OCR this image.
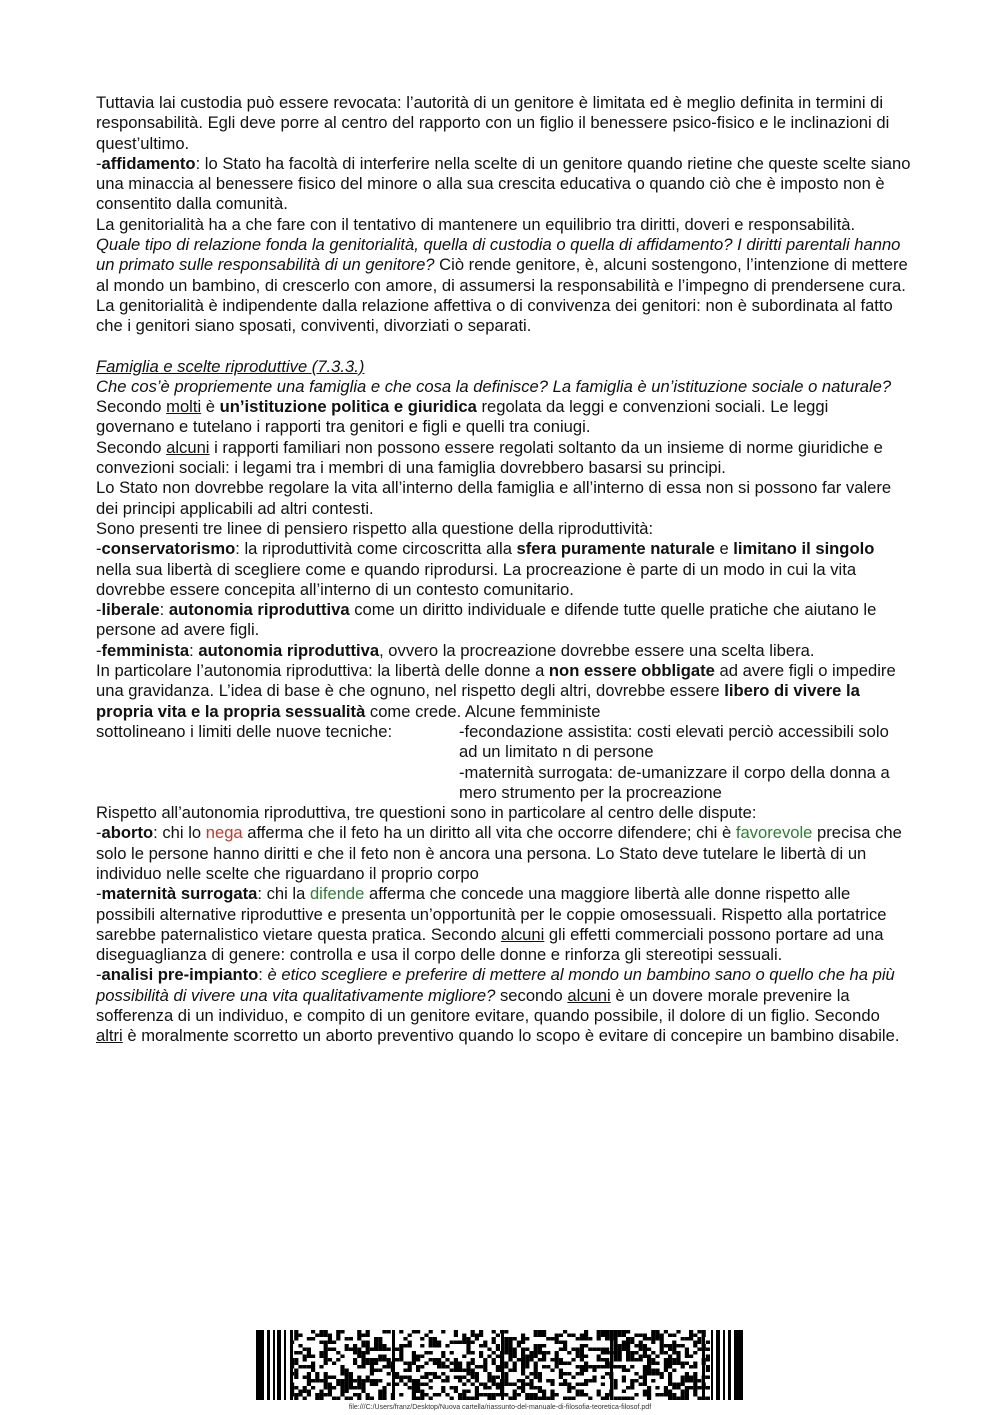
Tuttavia lai custodia può essere revocata: l’autorità di un genitore è limitata ed è meglio definita in termini di responsabilità. Egli deve porre al centro del rapporto con un figlio il benessere psico-fisico e le inclinazioni di quest’ultimo.

-affidamento: lo Stato ha facoltà di interferire nella scelte di un genitore quando rietine che queste scelte siano una minaccia al benessere fisico del minore o alla sua crescita educativa o quando ciò che è imposto non è consentito dalla comunità.

La genitorialità ha a che fare con il tentativo di mantenere un equilibrio tra diritti, doveri e responsabilità.

Quale tipo di relazione fonda la genitorialità, quella di custodia o quella di affidamento? I diritti parentali hanno un primato sulle responsabilità di un genitore? Ciò rende genitore, è, alcuni sostengono, l’intenzione di mettere al mondo un bambino, di crescerlo con amore, di assumersi la responsabilità e l’impegno di prendersene cura.

La genitorialità è indipendente dalla relazione affettiva o di convivenza dei genitori: non è subordinata al fatto che i genitori siano sposati, conviventi, divorziati o separati.

Famiglia e scelte riproduttive (7.3.3.)

Che cos’è propriemente una famiglia e che cosa la definisce? La famiglia è un’istituzione sociale o naturale? Secondo molti è un’istituzione politica e giuridica regolata da leggi e convenzioni sociali. Le leggi governano e tutelano i rapporti tra genitori e figli e quelli tra coniugi.

Secondo alcuni i rapporti familiari non possono essere regolati soltanto da un insieme di norme giuridiche e convezioni sociali: i legami tra i membri di una famiglia dovrebbero basarsi su principi.

Lo Stato non dovrebbe regolare la vita all’interno della famiglia e all’interno di essa non si possono far valere dei principi applicabili ad altri contesti.

Sono presenti tre linee di pensiero rispetto alla questione della riproduttività:

-conservatorismo: la riproduttività come circoscritta alla sfera puramente naturale e limitano il singolo nella sua libertà di scegliere come e quando riprodursi. La procreazione è parte di un modo in cui la vita dovrebbe essere concepita all’interno di un contesto comunitario.

-liberale: autonomia riproduttiva come un diritto individuale e difende tutte quelle pratiche che aiutano le persone ad avere figli.

-femminista: autonomia riproduttiva, ovvero la procreazione dovrebbe essere una scelta libera.

In particolare l’autonomia riproduttiva: la libertà delle donne a non essere obbligate ad avere figli o impedire una gravidanza. L’idea di base è che ognuno, nel rispetto degli altri, dovrebbe essere libero di vivere la propria vita e la propria sessualità come crede. Alcune femministe

sottolineano i limiti delle nuove tecniche:	-fecondazione assistita: costi elevati perciò accessibili solo ad un limitato n di persone
-maternità surrogata: de-umanizzare il corpo della donna a mero strumento per la procreazione

Rispetto all’autonomia riproduttiva, tre questioni sono in particolare al centro delle dispute:

-aborto: chi lo nega afferma che il feto ha un diritto all vita che occorre difendere; chi è favorevole precisa che solo le persone hanno diritti e che il feto non è ancora una persona. Lo Stato deve tutelare le libertà di un individuo nelle scelte che riguardano il proprio corpo

-maternità surrogata: chi la difende afferma che concede una maggiore libertà alle donne rispetto alle possibili alternative riproduttive e presenta un’opportunità per le coppie omosessuali. Rispetto alla portatrice sarebbe paternalistico vietare questa pratica. Secondo alcuni gli effetti commerciali possono portare ad una diseguaglianza di genere: controlla e usa il corpo delle donne e rinforza gli stereotipi sessuali.

-analisi pre-impianto: è etico scegliere e preferire di mettere al mondo un bambino sano o quello che ha più possibilità di vivere una vita qualitativamente migliore? secondo alcuni è un dovere morale prevenire la sofferenza di un individuo, e compito di un genitore evitare, quando possibile, il dolore di un figlio. Secondo altri è moralmente scorretto un aborto preventivo quando lo scopo è evitare di concepire un bambino disabile.

file:///C:/Users/franz/Desktop/Nuova cartella/riassunto-del-manuale-di-filosofia-teoretica-filosof.pdf
